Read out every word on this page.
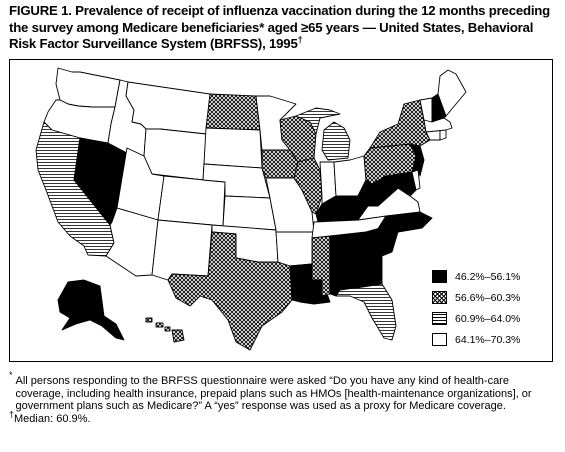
FIGURE 1. Prevalence of receipt of influenza vaccination during the 12 months preceding the survey among Medicare beneficiaries* aged ≥65 years — United States, Behavioral Risk Factor Surveillance System (BRFSS), 1995†
46.2%–56.1%
56.6%–60.3%
60.9%–64.0%
64.1%–70.3%
* All persons responding to the BRFSS questionnaire were asked “Do you have any kind of health-care coverage, including health insurance, prepaid plans such as HMOs [health-maintenance organizations], or government plans such as Medicare?” A “yes” response was used as a proxy for Medicare coverage.
†Median: 60.9%.
